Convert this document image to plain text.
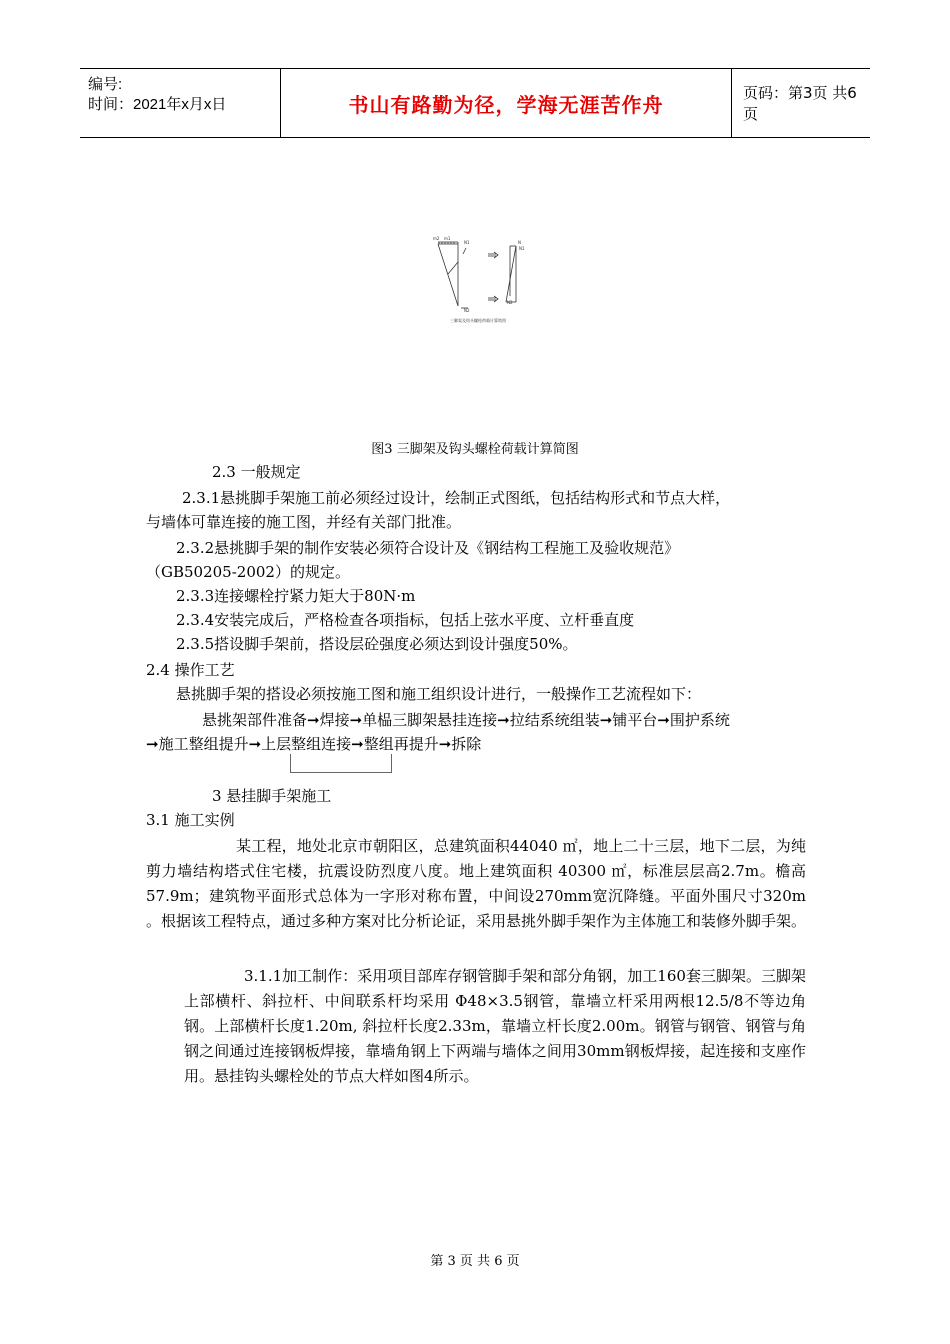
编号:
时间：2021年x月x日	书山有路勤为径，学海无涯苦作舟	页码：第3页 共6页
m2 m1
N1
N2
N
N1
N2
三脚架及钩头螺栓荷载计算简图
图3 三脚架及钩头螺栓荷载计算简图
2.3 一般规定
2.3.1悬挑脚手架施工前必须经过设计，绘制正式图纸，包括结构形式和节点大样，
与墙体可靠连接的施工图，并经有关部门批准。
2.3.2悬挑脚手架的制作安装必须符合设计及《钢结构工程施工及验收规范》
（GB50205-2002）的规定。
2.3.3连接螺栓拧紧力矩大于80N·m
2.3.4安装完成后，严格检查各项指标，包括上弦水平度、立杆垂直度
2.3.5搭设脚手架前，搭设层砼强度必须达到设计强度50%。
2.4 操作工艺
悬挑脚手架的搭设必须按施工图和施工组织设计进行，一般操作工艺流程如下：
悬挑架部件准备➞焊接➞单榀三脚架悬挂连接➞拉结系统组装➞铺平台➞围护系统
➞施工整组提升➞上层整组连接➞整组再提升➞拆除
3 悬挂脚手架施工
3.1 施工实例
某工程，地处北京市朝阳区，总建筑面积44040 ㎡，地上二十三层，地下二层，为纯剪力墙结构塔式住宅楼，抗震设防烈度八度。地上建筑面积 40300 ㎡，标准层层高2.7m。檐高57.9m；建筑物平面形式总体为一字形对称布置，中间设270mm宽沉降缝。平面外围尺寸320m 。根据该工程特点，通过多种方案对比分析论证，采用悬挑外脚手架作为主体施工和装修外脚手架。
3.1.1加工制作：采用项目部库存钢管脚手架和部分角钢，加工160套三脚架。三脚架上部横杆、斜拉杆、中间联系杆均采用 Φ48×3.5钢管，靠墙立杆采用两根12.5/8不等边角钢。上部横杆长度1.20m, 斜拉杆长度2.33m，靠墙立杆长度2.00m。钢管与钢管、钢管与角钢之间通过连接钢板焊接，靠墙角钢上下两端与墙体之间用30mm钢板焊接，起连接和支座作用。悬挂钩头螺栓处的节点大样如图4所示。
第 3 页 共 6 页
